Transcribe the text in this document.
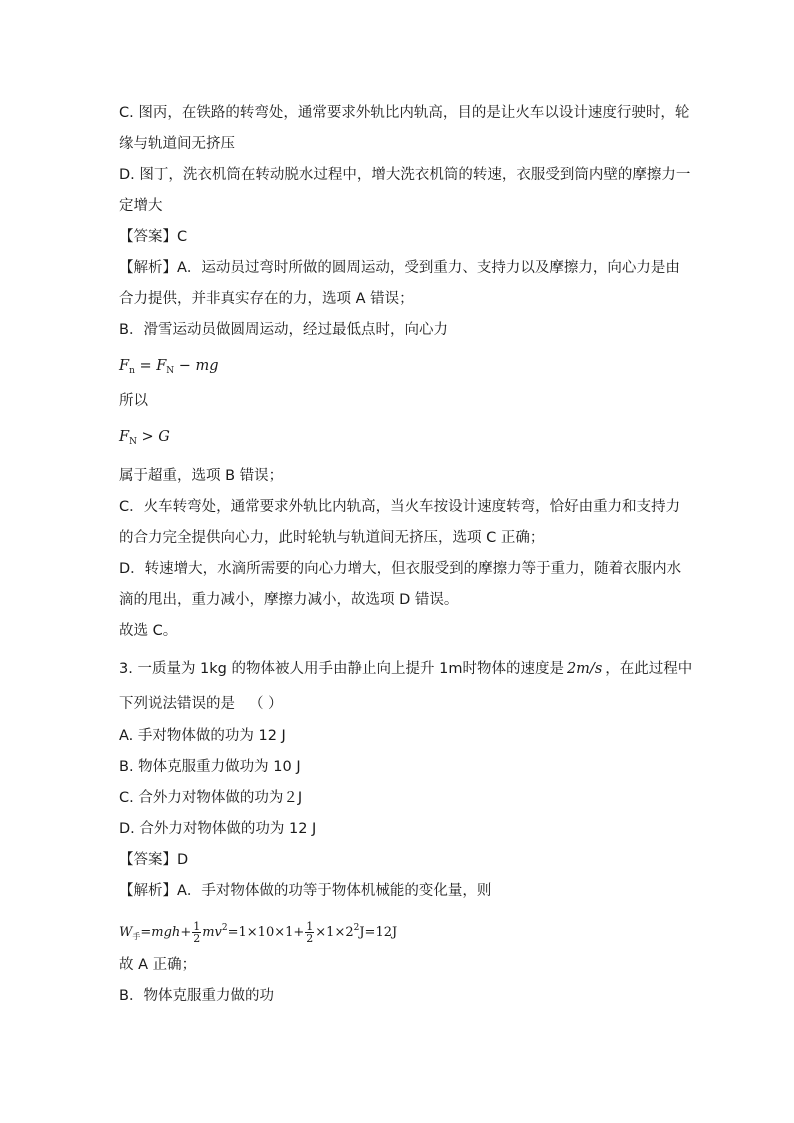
C. 图丙，在铁路的转弯处，通常要求外轨比内轨高，目的是让火车以设计速度行驶时，轮
缘与轨道间无挤压
D. 图丁，洗衣机筒在转动脱水过程中，增大洗衣机筒的转速，衣服受到筒内壁的摩擦力一
定增大
【答案】C
【解析】A．运动员过弯时所做的圆周运动，受到重力、支持力以及摩擦力，向心力是由
合力提供，并非真实存在的力，选项 A 错误；
B．滑雪运动员做圆周运动，经过最低点时，向心力
$F_n = F_N$ − mg
所以
$F_N > G$
属于超重，选项 B 错误；
C．火车转弯处，通常要求外轨比内轨高，当火车按设计速度转弯，恰好由重力和支持力
的合力完全提供向心力，此时轮轨与轨道间无挤压，选项 C 正确；
D．转速增大，水滴所需要的向心力增大，但衣服受到的摩擦力等于重力，随着衣服内水
滴的甩出，重力减小，摩擦力减小，故选项 D 错误。
故选 C。
3. 一质量为 1kg 的物体被人用手由静止向上提升 1m时物体的速度是 2m/s ，在此过程中
下列说法错误的是 （ ）
A. 手对物体做的功为 12 J
B. 物体克服重力做功为 10 J
C. 合外力对物体做的功为２J
D. 合外力对物体做的功为 12 J
【答案】D
【解析】A．手对物体做的功等于物体机械能的变化量，则
$W_手=mgh+ \frac{1}{2} mv^2=1\times 10\times 1+ \frac{1}{2} \times 1\times 2^2J=12J$
故 A 正确；
B．物体克服重力做的功
